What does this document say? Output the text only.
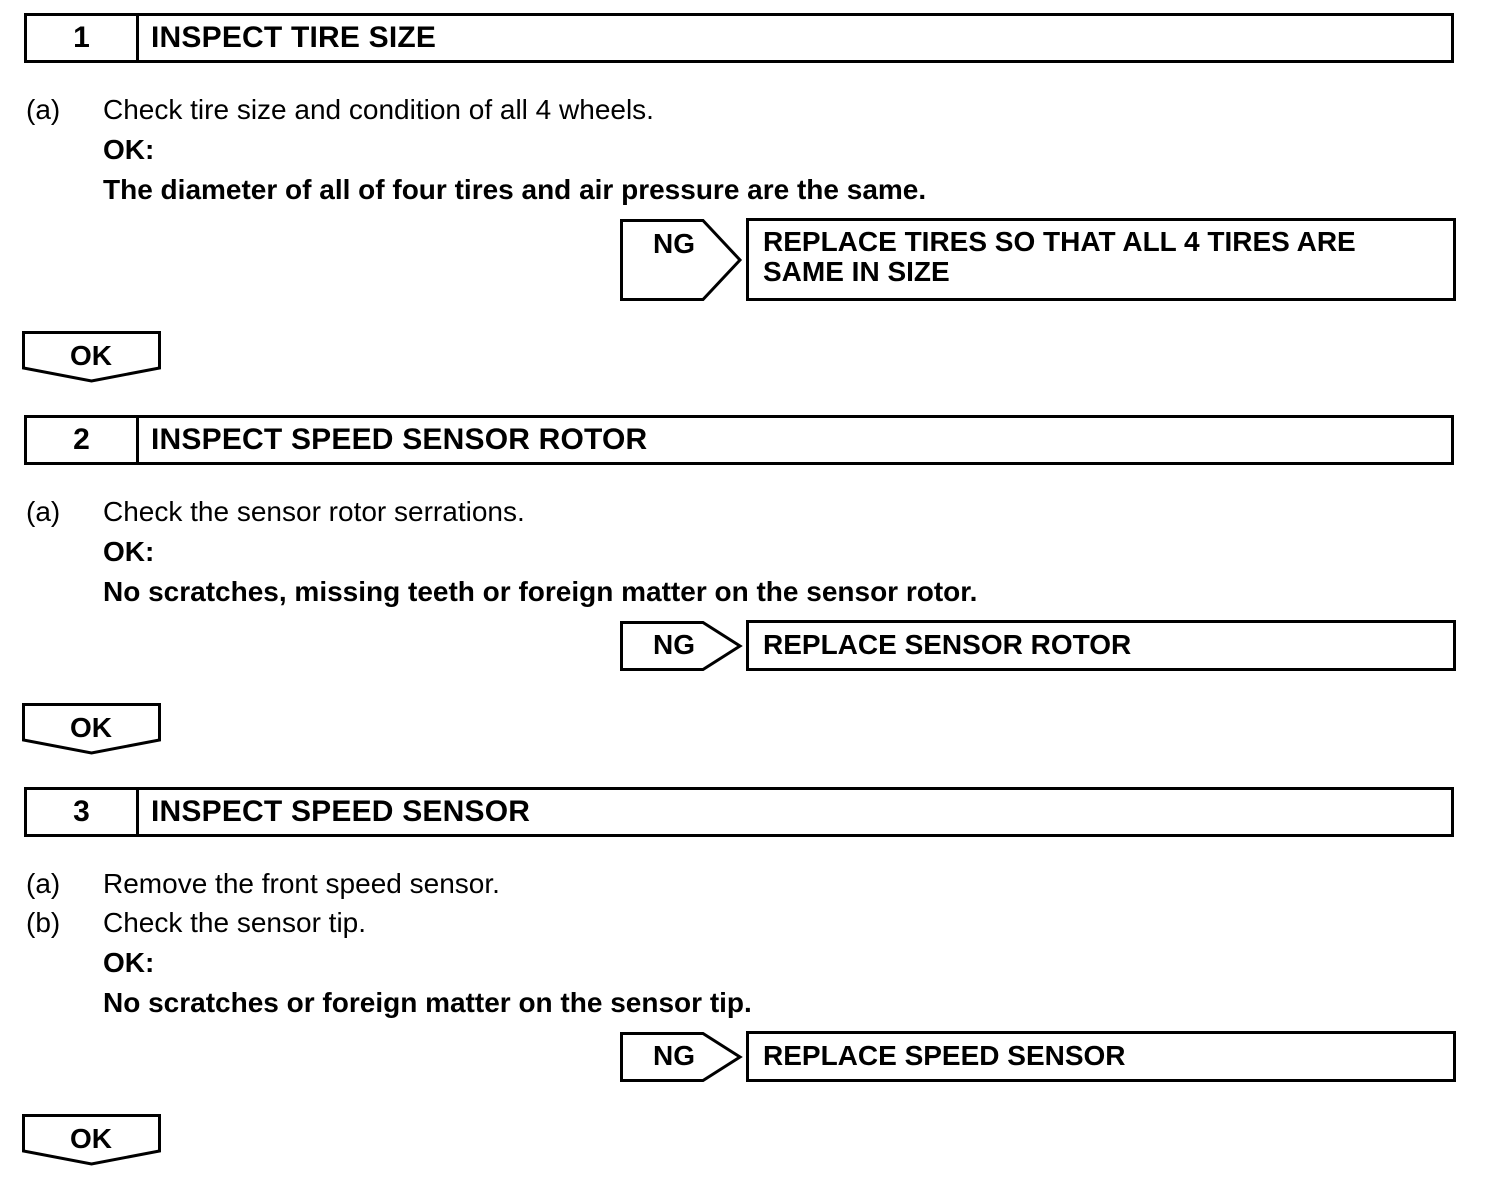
1	INSPECT TIRE SIZE
(a) Check tire size and condition of all 4 wheels.
OK:
The diameter of all of four tires and air pressure are the same.
NG	REPLACE TIRES SO THAT ALL 4 TIRES ARE
SAME IN SIZE
OK
2	INSPECT SPEED SENSOR ROTOR
(a) Check the sensor rotor serrations.
OK:
No scratches, missing teeth or foreign matter on the sensor rotor.
NG	REPLACE SENSOR ROTOR
OK
3	INSPECT SPEED SENSOR
(a) Remove the front speed sensor.
(b) Check the sensor tip.
OK:
No scratches or foreign matter on the sensor tip.
NG	REPLACE SPEED SENSOR
OK
